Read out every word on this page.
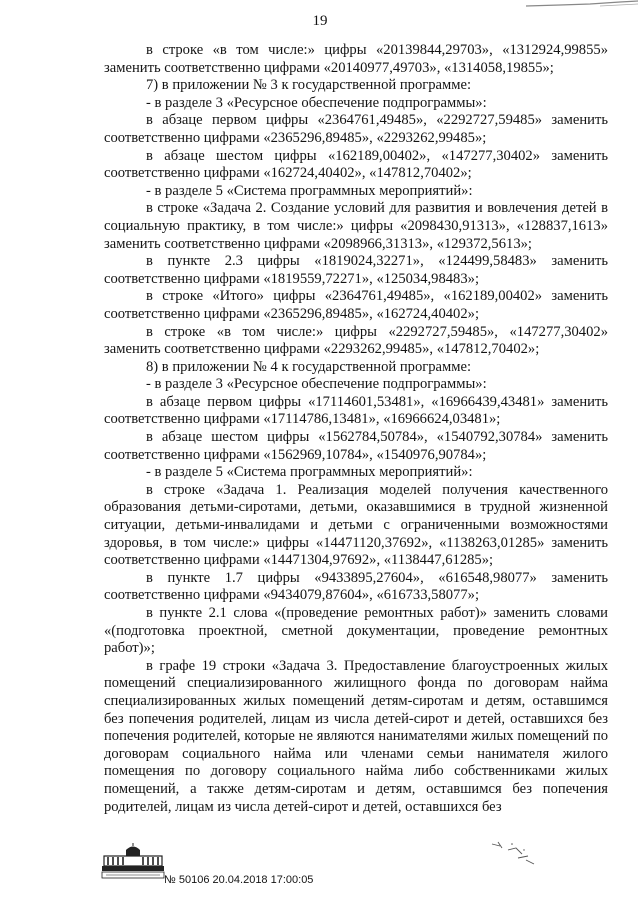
19

в строке «в том числе:» цифры «20139844,29703», «1312924,99855» заменить соответственно цифрами «20140977,49703», «1314058,19855»;

7) в приложении № 3 к государственной программе:

- в разделе 3 «Ресурсное обеспечение подпрограммы»:

в абзаце первом цифры «2364761,49485», «2292727,59485» заменить соответственно цифрами «2365296,89485», «2293262,99485»;

в абзаце шестом цифры «162189,00402», «147277,30402» заменить соответственно цифрами «162724,40402», «147812,70402»;

- в разделе 5 «Система программных мероприятий»:

в строке «Задача 2. Создание условий для развития и вовлечения детей в социальную практику, в том числе:» цифры «2098430,91313», «128837,1613» заменить соответственно цифрами «2098966,31313», «129372,5613»;

в пункте 2.3 цифры «1819024,32271», «124499,58483» заменить соответственно цифрами «1819559,72271», «125034,98483»;

в строке «Итого» цифры «2364761,49485», «162189,00402» заменить соответственно цифрами «2365296,89485», «162724,40402»;

в строке «в том числе:» цифры «2292727,59485», «147277,30402» заменить соответственно цифрами «2293262,99485», «147812,70402»;

8) в приложении № 4 к государственной программе:

- в разделе 3 «Ресурсное обеспечение подпрограммы»:

в абзаце первом цифры «17114601,53481», «16966439,43481» заменить соответственно цифрами «17114786,13481», «16966624,03481»;

в абзаце шестом цифры «1562784,50784», «1540792,30784» заменить соответственно цифрами «1562969,10784», «1540976,90784»;

- в разделе 5 «Система программных мероприятий»:

в строке «Задача 1. Реализация моделей получения качественного образования детьми-сиротами, детьми, оказавшимися в трудной жизненной ситуации, детьми-инвалидами и детьми с ограниченными возможностями здоровья, в том числе:» цифры «14471120,37692», «1138263,01285» заменить соответственно цифрами «14471304,97692», «1138447,61285»;

в пункте 1.7 цифры «9433895,27604», «616548,98077» заменить соответственно цифрами «9434079,87604», «616733,58077»;

в пункте 2.1 слова «(проведение ремонтных работ)» заменить словами «(подготовка проектной, сметной документации, проведение ремонтных работ)»;

в графе 19 строки «Задача 3. Предоставление благоустроенных жилых помещений специализированного жилищного фонда по договорам найма специализированных жилых помещений детям-сиротам и детям, оставшимся без попечения родителей, лицам из числа детей-сирот и детей, оставшихся без попечения родителей, которые не являются нанимателями жилых помещений по договорам социального найма или членами семьи нанимателя жилого помещения по договору социального найма либо собственниками жилых помещений, а также детям-сиротам и детям, оставшимся без попечения родителей, лицам из числа детей-сирот и детей, оставшихся без

№ 50106 20.04.2018 17:00:05
